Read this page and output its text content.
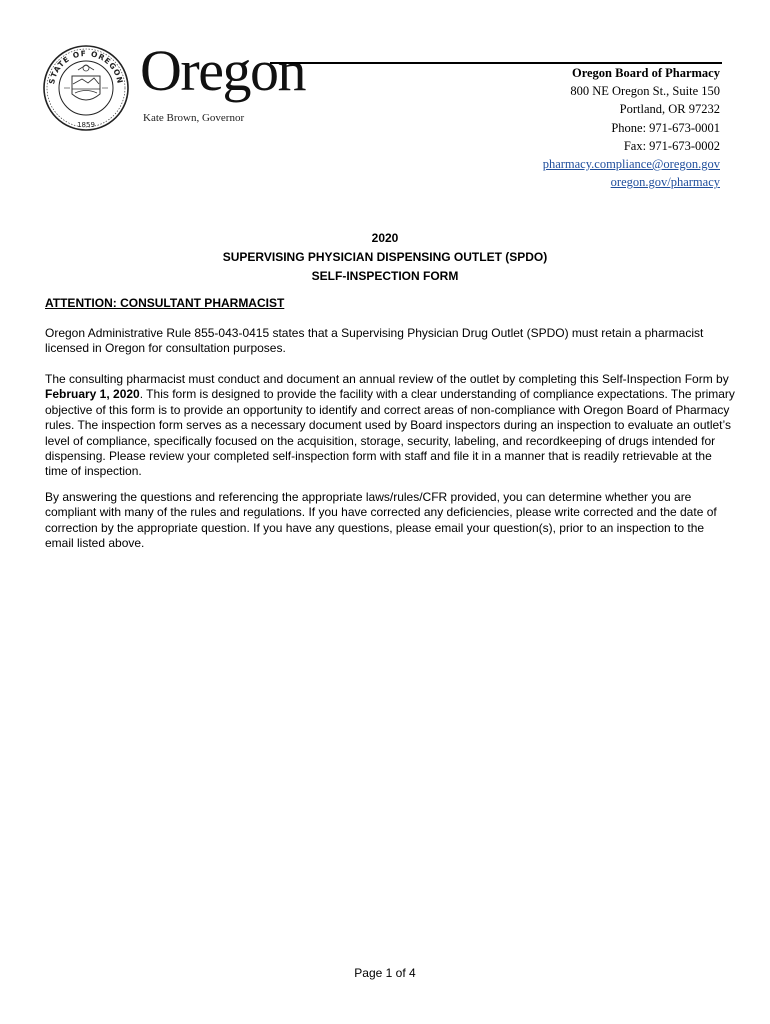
STATE OF OREGON
1859
Oregon
Kate Brown, Governor
Oregon Board of Pharmacy
800 NE Oregon St., Suite 150
Portland, OR 97232
Phone: 971-673-0001
Fax: 971-673-0002
pharmacy.compliance@oregon.gov
oregon.gov/pharmacy
2020
SUPERVISING PHYSICIAN DISPENSING OUTLET (SPDO)
SELF-INSPECTION FORM
ATTENTION: CONSULTANT PHARMACIST

Oregon Administrative Rule 855-043-0415 states that a Supervising Physician Drug Outlet (SPDO) must retain a pharmacist licensed in Oregon for consultation purposes.

The consulting pharmacist must conduct and document an annual review of the outlet by completing this Self-Inspection Form by February 1, 2020. This form is designed to provide the facility with a clear understanding of compliance expectations. The primary objective of this form is to provide an opportunity to identify and correct areas of non-compliance with Oregon Board of Pharmacy rules. The inspection form serves as a necessary document used by Board inspectors during an inspection to evaluate an outlet’s level of compliance, specifically focused on the acquisition, storage, security, labeling, and recordkeeping of drugs intended for dispensing. Please review your completed self-inspection form with staff and file it in a manner that is readily retrievable at the time of inspection.

By answering the questions and referencing the appropriate laws/rules/CFR provided, you can determine whether you are compliant with many of the rules and regulations. If you have corrected any deficiencies, please write corrected and the date of correction by the appropriate question. If you have any questions, please email your question(s), prior to an inspection to the email listed above.

Page 1 of 4
